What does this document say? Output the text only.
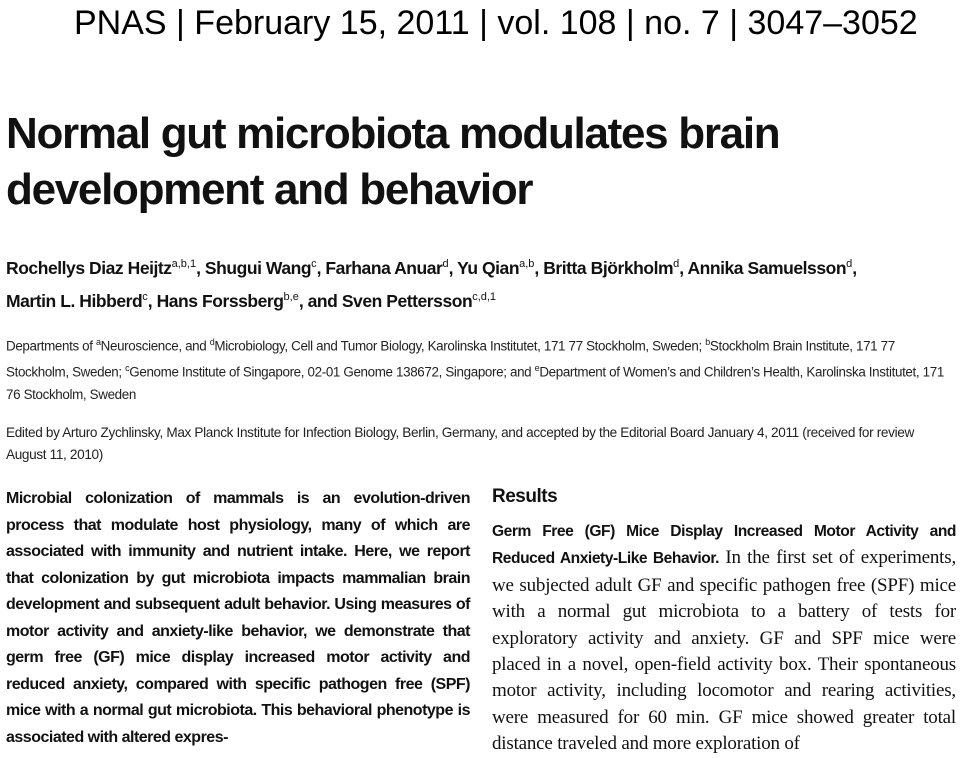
PNAS | February 15, 2011 | vol. 108 | no. 7 | 3047–3052
Normal gut microbiota modulates brain development and behavior
Rochellys Diaz Heijtz$^{a,b,1}$, Shugui Wang$^c$, Farhana Anuar$^d$, Yu Qian$^{a,b}$, Britta Björkholm$^d$, Annika Samuelsson$^d$,
Martin L. Hibberd$^c$, Hans Forssberg$^{b,e}$, and Sven Pettersson$^{c,d,1}$
Departments of $^a$Neuroscience, and $^d$Microbiology, Cell and Tumor Biology, Karolinska Institutet, 171 77 Stockholm, Sweden; $^b$Stockholm Brain Institute, 171 77 Stockholm, Sweden; $^c$Genome Institute of Singapore, 02-01 Genome 138672, Singapore; and $^e$Department of Women’s and Children’s Health, Karolinska Institutet, 171 76 Stockholm, Sweden
Edited by Arturo Zychlinsky, Max Planck Institute for Infection Biology, Berlin, Germany, and accepted by the Editorial Board January 4, 2011 (received for review August 11, 2010)
Microbial colonization of mammals is an evolution-driven process that modulate host physiology, many of which are associated with immunity and nutrient intake. Here, we report that colonization by gut microbiota impacts mammalian brain development and subsequent adult behavior. Using measures of motor activity and anxiety-like behavior, we demonstrate that germ free (GF) mice display increased motor activity and reduced anxiety, compared with specific pathogen free (SPF) mice with a normal gut microbiota. This behavioral phenotype is associated with altered expres-
Results
Germ Free (GF) Mice Display Increased Motor Activity and Reduced Anxiety-Like Behavior. In the first set of experiments, we subjected adult GF and specific pathogen free (SPF) mice with a normal gut microbiota to a battery of tests for exploratory activity and anxiety. GF and SPF mice were placed in a novel, open-field activity box. Their spontaneous motor activity, including locomotor and rearing activities, were measured for 60 min. GF mice showed greater total distance traveled and more exploration of
